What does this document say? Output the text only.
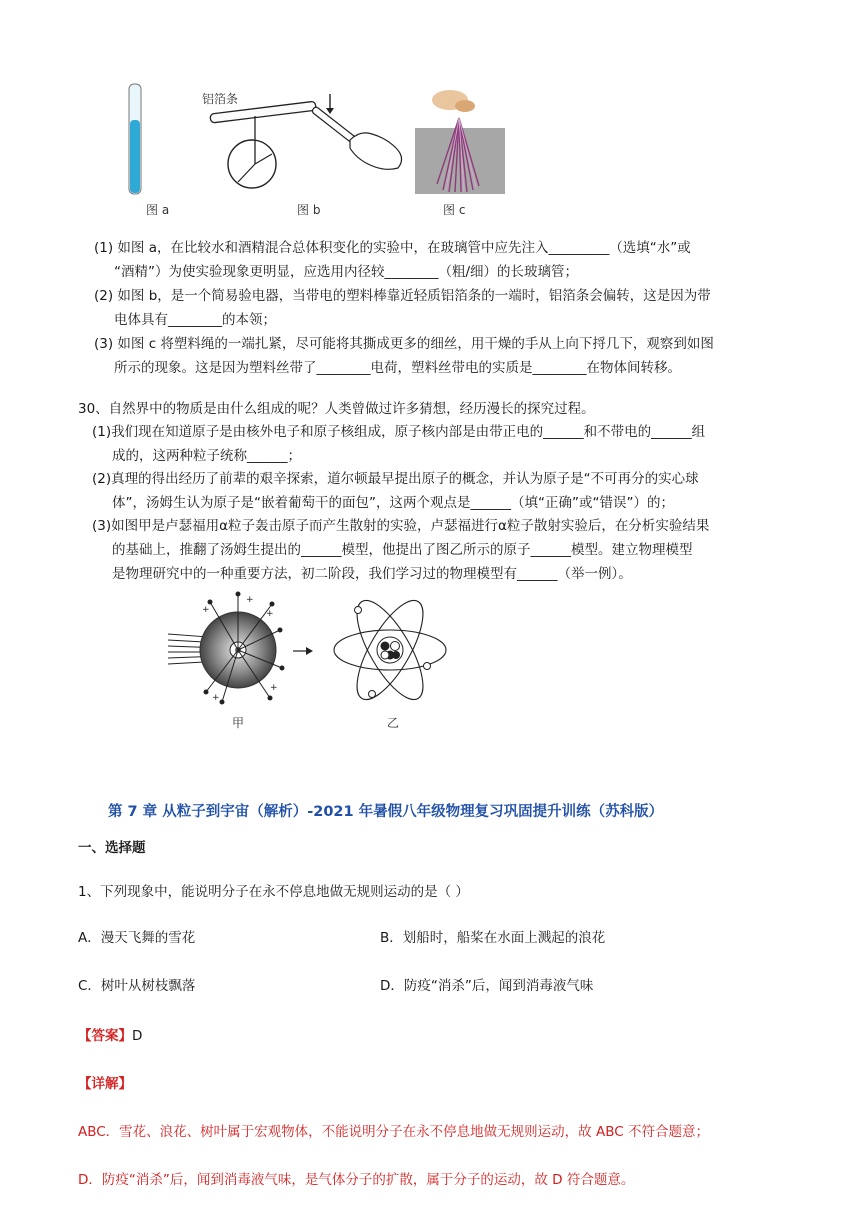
图 a	图 b
铝箔条
图 c
(1) 如图 a，在比较水和酒精混合总体积变化的实验中，在玻璃管中应先注入_________（选填“水”或
“酒精”）为使实验现象更明显，应选用内径较________（粗/细）的长玻璃管；
(2) 如图 b，是一个简易验电器，当带电的塑料棒靠近轻质铝箔条的一端时，铝箔条会偏转，这是因为带
电体具有________的本领；
(3) 如图 c 将塑料绳的一端扎紧，尽可能将其撕成更多的细丝，用干燥的手从上向下捋几下，观察到如图
所示的现象。这是因为塑料丝带了________电荷，塑料丝带电的实质是________在物体间转移。
30、自然界中的物质是由什么组成的呢？人类曾做过许多猜想，经历漫长的探究过程。
(1)我们现在知道原子是由核外电子和原子核组成，原子核内部是由带正电的______和不带电的______组
成的，这两种粒子统称______；
(2)真理的得出经历了前辈的艰辛探索，道尔顿最早提出原子的概念，并认为原子是“不可再分的实心球
体”，汤姆生认为原子是“嵌着葡萄干的面包”，这两个观点是______（填“正确”或“错误”）的；
(3)如图甲是卢瑟福用α粒子轰击原子而产生散射的实验，卢瑟福进行α粒子散射实验后，在分析实验结果
的基础上，推翻了汤姆生提出的______模型，他提出了图乙所示的原子______模型。建立物理模型
是物理研究中的一种重要方法，初二阶段，我们学习过的物理模型有______（举一例）。
+
+
+
+
+
甲	乙
第 7 章 从粒子到宇宙（解析）-2021 年暑假八年级物理复习巩固提升训练（苏科版）
一、选择题
1、下列现象中，能说明分子在永不停息地做无规则运动的是（ ）
A．漫天飞舞的雪花	B．划船时，船桨在水面上溅起的浪花
C．树叶从树枝飘落	D．防疫“消杀”后，闻到消毒液气味
【答案】D
【详解】
ABC．雪花、浪花、树叶属于宏观物体，不能说明分子在永不停息地做无规则运动，故 ABC 不符合题意；
D．防疫“消杀”后，闻到消毒液气味，是气体分子的扩散，属于分子的运动，故 D 符合题意。
